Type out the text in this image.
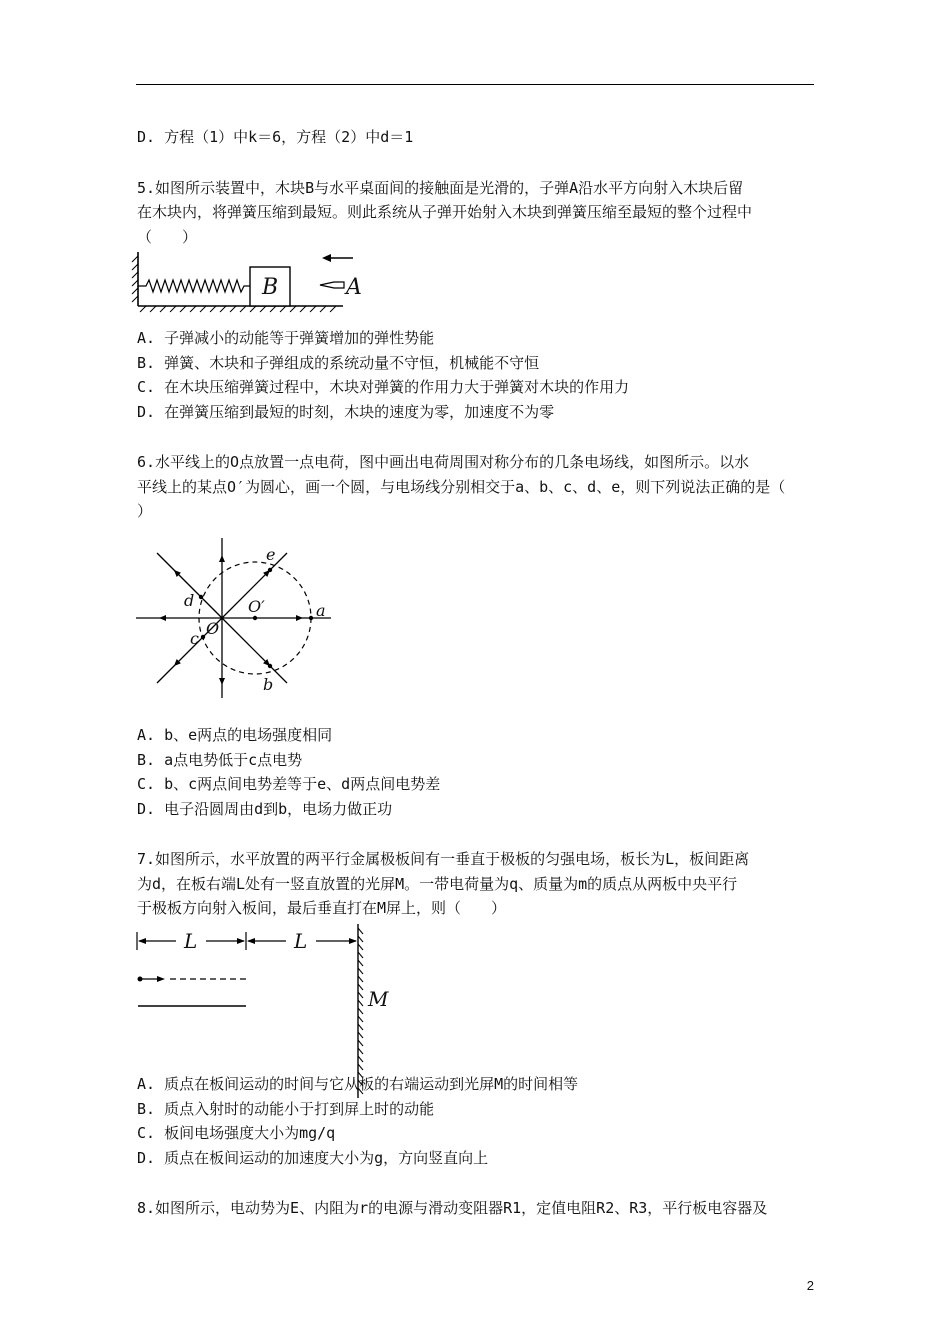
D. 方程（1）中k＝6，方程（2）中d＝1
5.如图所示装置中，木块B与水平桌面间的接触面是光滑的，子弹A沿水平方向射入木块后留
在木块内，将弹簧压缩到最短。则此系统从子弹开始射入木块到弹簧压缩至最短的整个过程中
（　　）
B	A
A. 子弹减小的动能等于弹簧增加的弹性势能
B. 弹簧、木块和子弹组成的系统动量不守恒，机械能不守恒
C. 在木块压缩弹簧过程中，木块对弹簧的作用力大于弹簧对木块的作用力
D. 在弹簧压缩到最短的时刻，木块的速度为零，加速度不为零
6.水平线上的O点放置一点电荷，图中画出电荷周围对称分布的几条电场线，如图所示。以水
平线上的某点O′为圆心，画一个圆，与电场线分别相交于a、b、c、d、e，则下列说法正确的是（
）
e
d	O′	a
O
c
b
A. b、e两点的电场强度相同
B. a点电势低于c点电势
C. b、c两点间电势差等于e、d两点间电势差
D. 电子沿圆周由d到b，电场力做正功
7.如图所示，水平放置的两平行金属极板间有一垂直于极板的匀强电场，板长为L，板间距离
为d，在板右端L处有一竖直放置的光屏M。一带电荷量为q、质量为m的质点从两板中央平行
于极板方向射入板间，最后垂直打在M屏上，则（　　）
L	L
M
A. 质点在板间运动的时间与它从板的右端运动到光屏M的时间相等
B. 质点入射时的动能小于打到屏上时的动能
C. 板间电场强度大小为mg/q
D. 质点在板间运动的加速度大小为g，方向竖直向上
8.如图所示，电动势为E、内阻为r的电源与滑动变阻器R1，定值电阻R2、R3，平行板电容器及
2
